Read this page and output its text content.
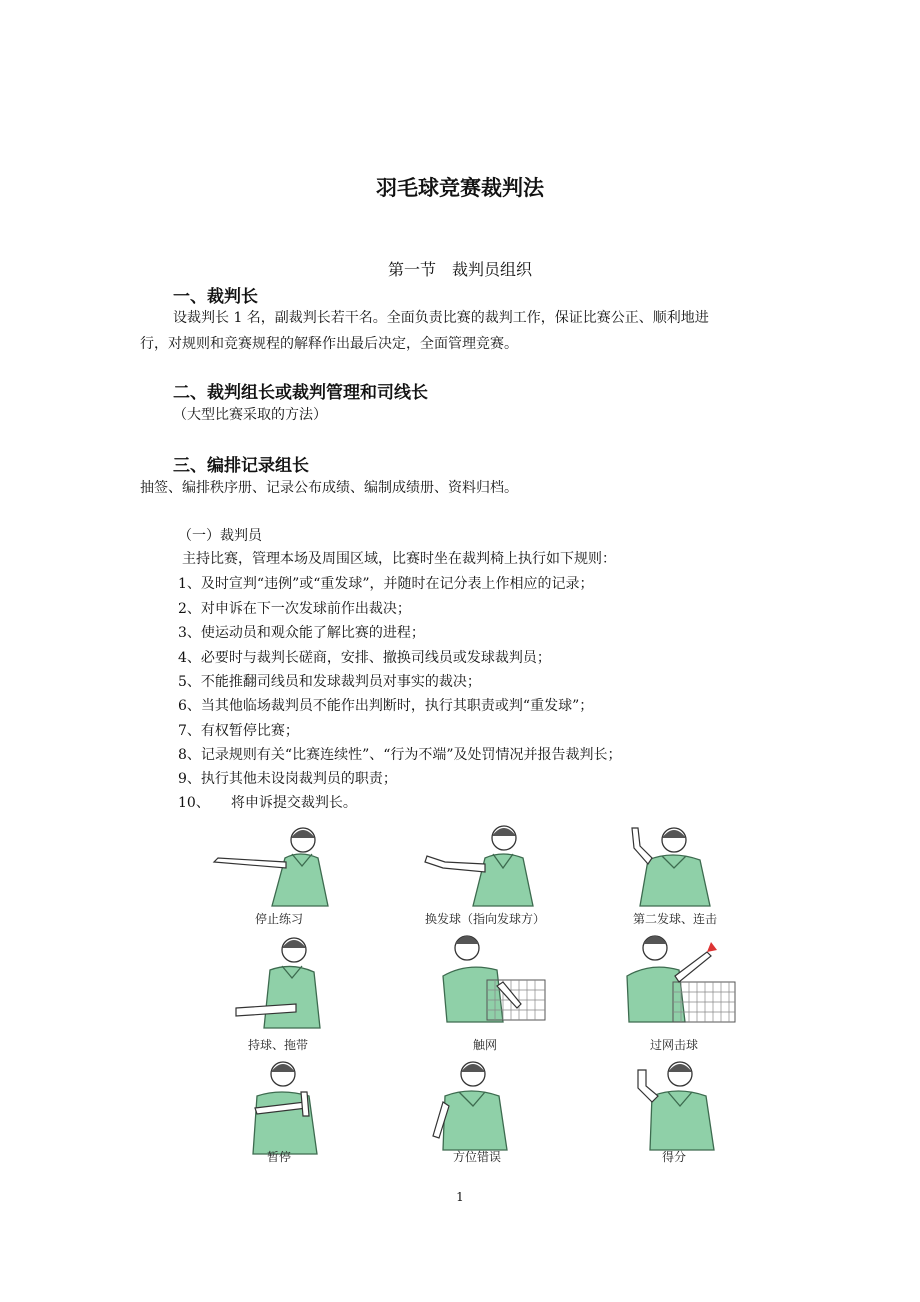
羽毛球竞赛裁判法
第一节　裁判员组织
一、裁判长
设裁判长 1 名，副裁判长若干名。全面负责比赛的裁判工作，保证比赛公正、顺利地进
行，对规则和竞赛规程的解释作出最后决定，全面管理竞赛。
二、裁判组长或裁判管理和司线长
（大型比赛采取的方法）
三、编排记录组长
抽签、编排秩序册、记录公布成绩、编制成绩册、资料归档。
（一）裁判员
主持比赛，管理本场及周围区域，比赛时坐在裁判椅上执行如下规则：
1、及时宣判“违例”或“重发球”，并随时在记分表上作相应的记录；
2、对申诉在下一次发球前作出裁决；
3、使运动员和观众能了解比赛的进程；
4、必要时与裁判长磋商，安排、撤换司线员或发球裁判员；
5、不能推翻司线员和发球裁判员对事实的裁决；
6、当其他临场裁判员不能作出判断时，执行其职责或判“重发球”；
7、有权暂停比赛；
8、记录规则有关“比赛连续性”、“行为不端”及处罚情况并报告裁判长；
9、执行其他未设岗裁判员的职责；
10、　　将申诉提交裁判长。
停止练习	换发球（指向发球方）	第二发球、连击
持球、拖带	触网	过网击球
暂停	方位错误	得分
1
